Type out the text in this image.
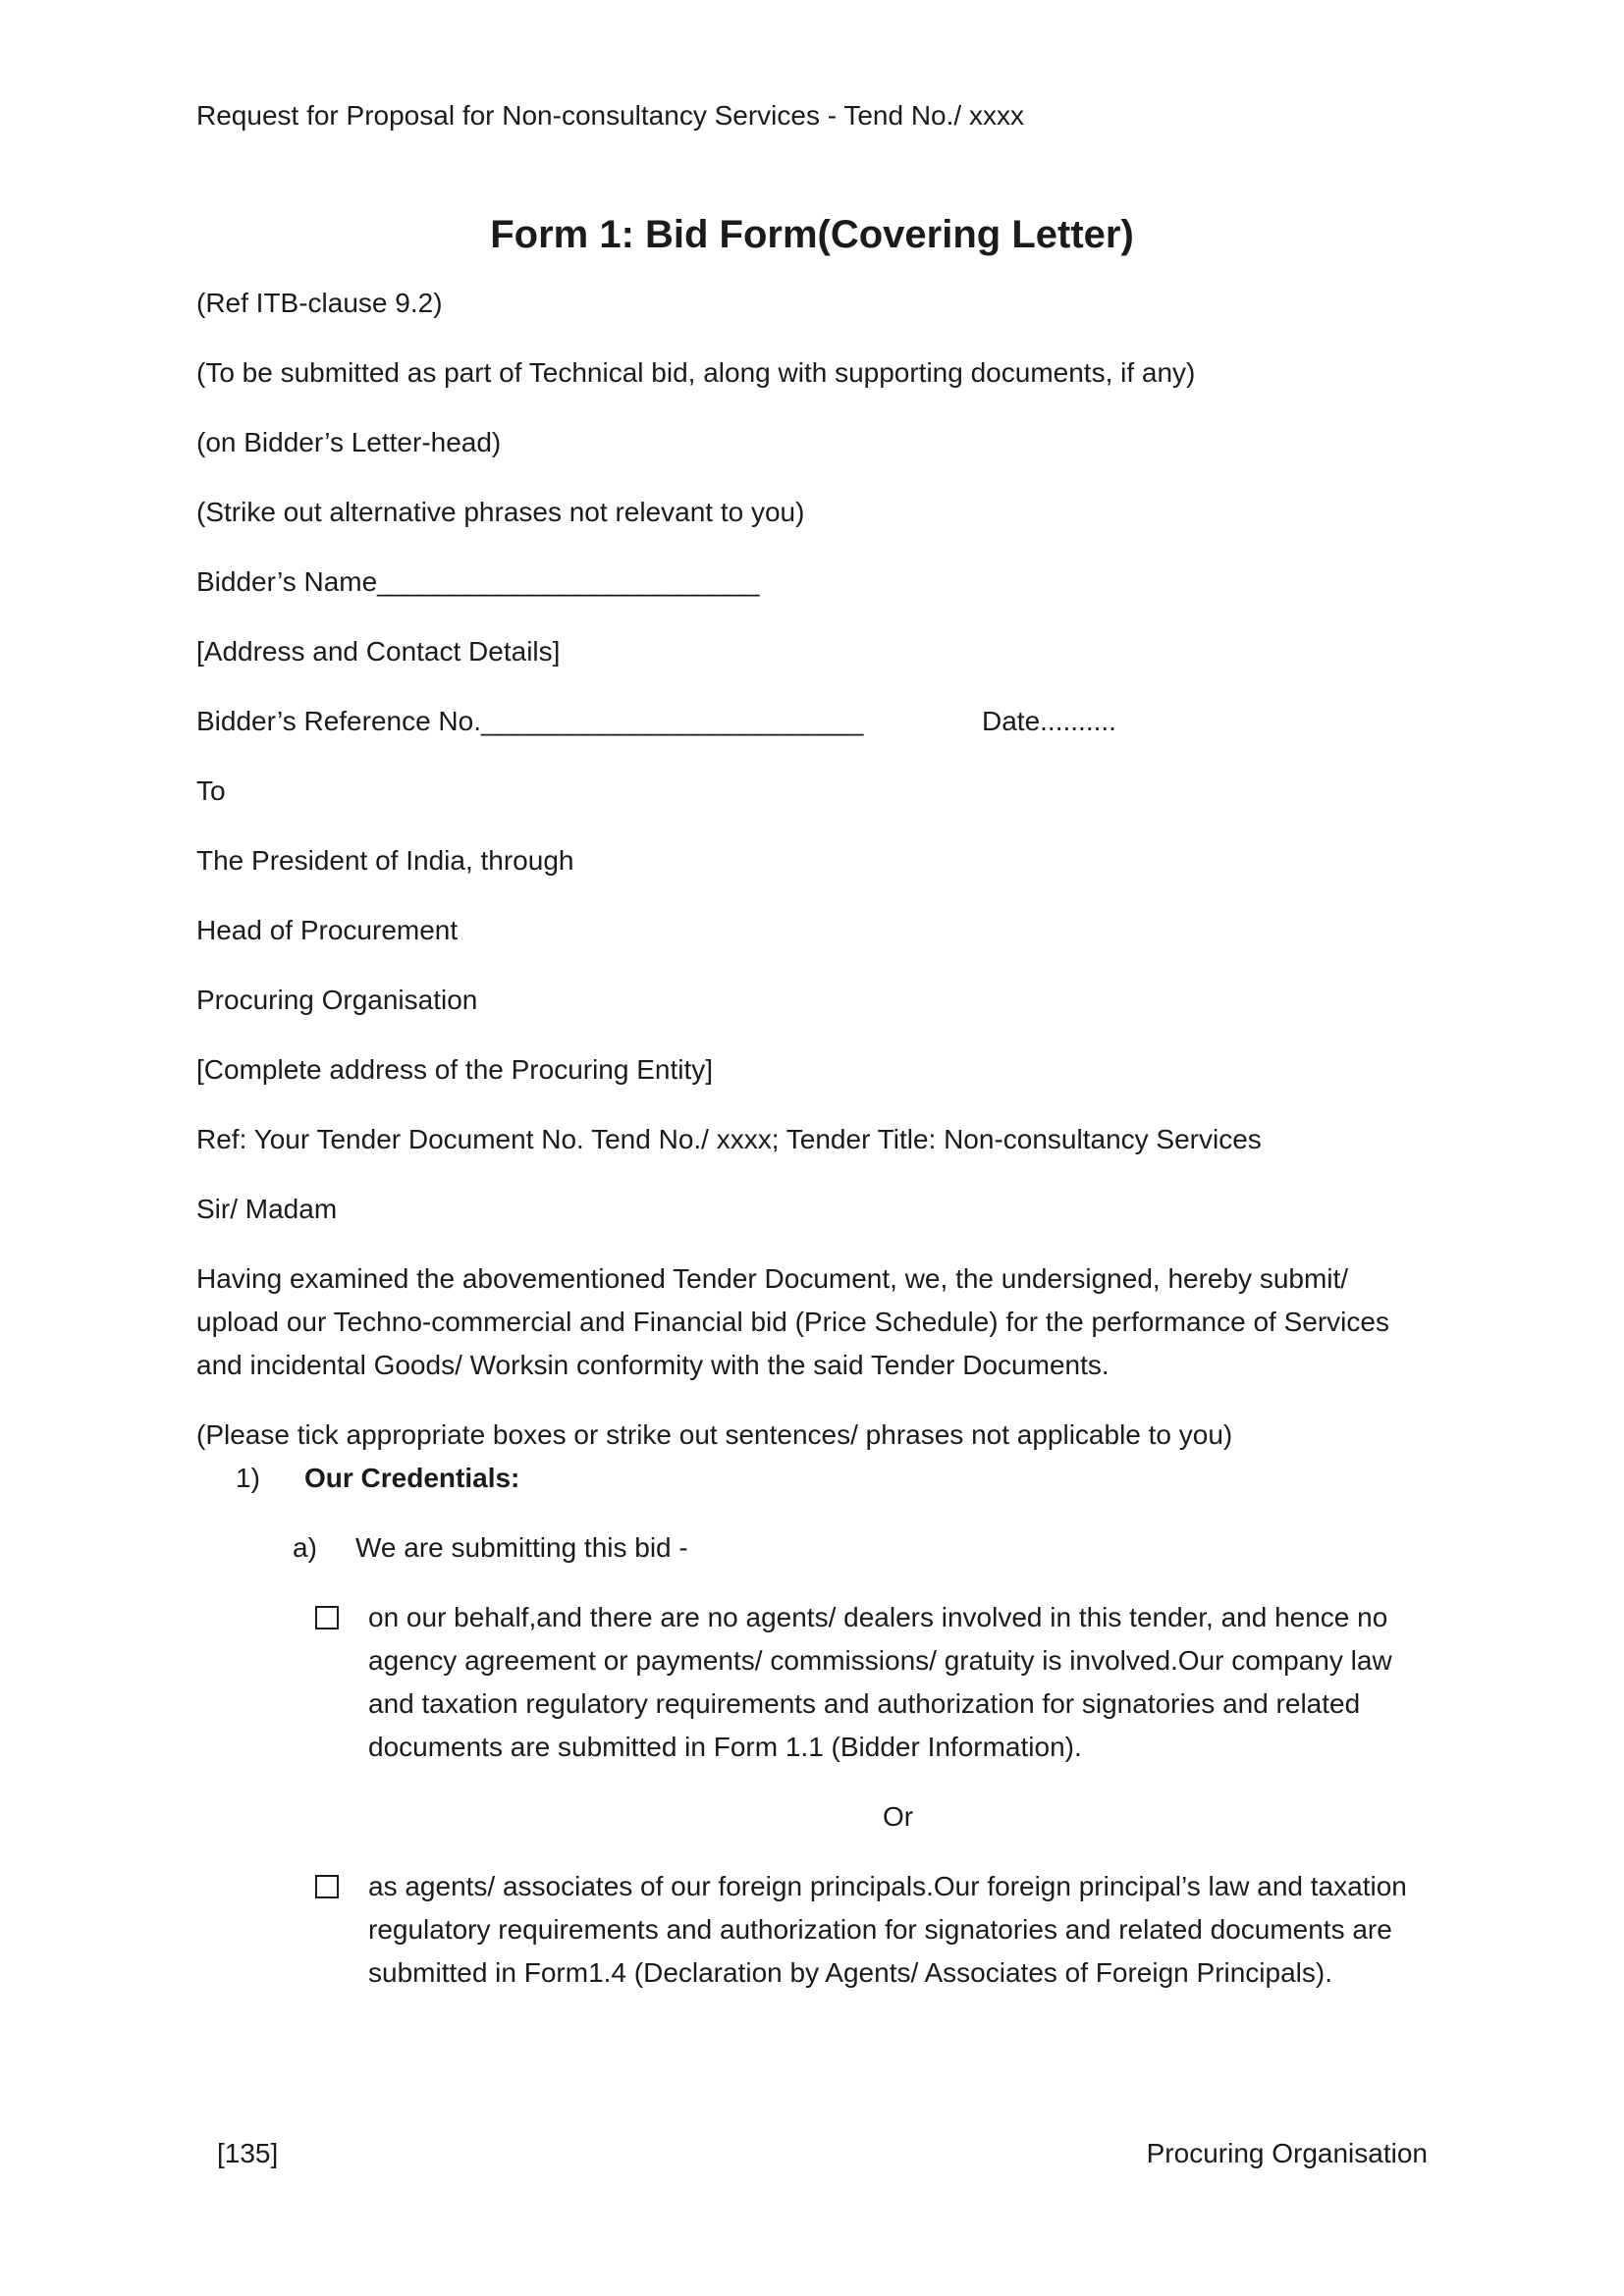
Request for Proposal for Non-consultancy Services - Tend No./ xxxx
Form 1: Bid Form(Covering Letter)

(Ref ITB-clause 9.2)

(To be submitted as part of Technical bid, along with supporting documents, if any)

(on Bidder’s Letter-head)

(Strike out alternative phrases not relevant to you)

Bidder’s Name_________________________

[Address and Contact Details]

Bidder’s Reference No._________________________	Date..........

To

The President of India, through

Head of Procurement

Procuring Organisation

[Complete address of the Procuring Entity]

Ref: Your Tender Document No. Tend No./ xxxx; Tender Title: Non-consultancy Services

Sir/ Madam

Having examined the abovementioned Tender Document, we, the undersigned, hereby submit/
upload our Techno-commercial and Financial bid (Price Schedule) for the performance of Services
and incidental Goods/ Worksin conformity with the said Tender Documents.

(Please tick appropriate boxes or strike out sentences/ phrases not applicable to you)

1) Our Credentials:
a) We are submitting this bid -
on our behalf,and there are no agents/ dealers involved in this tender, and hence no
agency agreement or payments/ commissions/ gratuity is involved.Our company law
and taxation regulatory requirements and authorization for signatories and related
documents are submitted in Form 1.1 (Bidder Information).
Or
as agents/ associates of our foreign principals.Our foreign principal’s law and taxation
regulatory requirements and authorization for signatories and related documents are
submitted in Form1.4 (Declaration by Agents/ Associates of Foreign Principals).
[135]	Procuring Organisation
